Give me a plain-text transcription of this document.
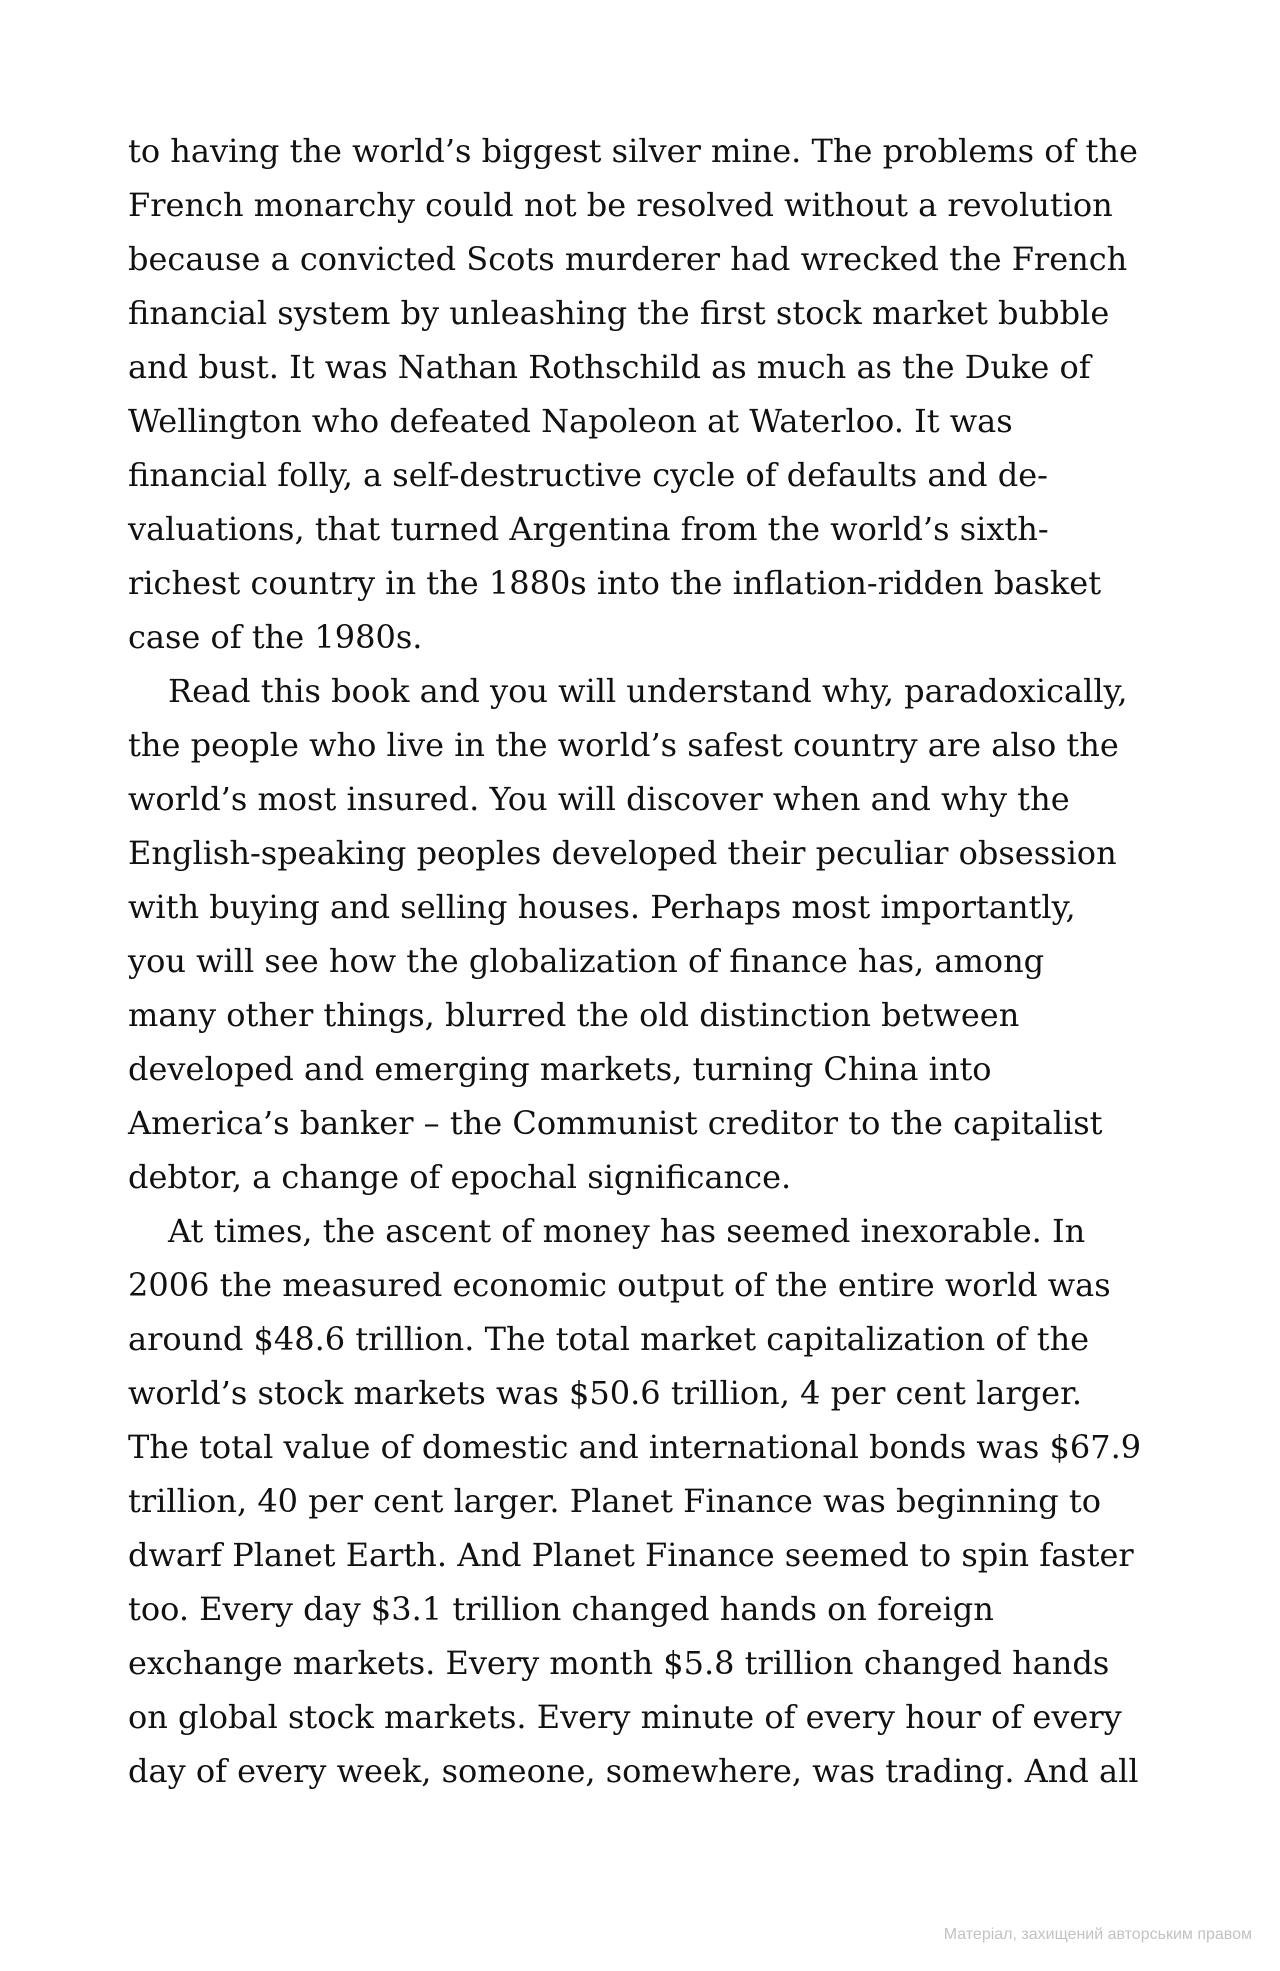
to having the world’s biggest silver mine. The problems of the
French monarchy could not be resolved without a revolution
because a convicted Scots murderer had wrecked the French
financial system by unleashing the first stock market bubble
and bust. It was Nathan Rothschild as much as the Duke of
Wellington who defeated Napoleon at Waterloo. It was
financial folly, a self-destructive cycle of defaults and de-
valuations, that turned Argentina from the world’s sixth-
richest country in the 1880s into the inflation-ridden basket
case of the 1980s.
Read this book and you will understand why, paradoxically,
the people who live in the world’s safest country are also the
world’s most insured. You will discover when and why the
English-speaking peoples developed their peculiar obsession
with buying and selling houses. Perhaps most importantly,
you will see how the globalization of finance has, among
many other things, blurred the old distinction between
developed and emerging markets, turning China into
America’s banker – the Communist creditor to the capitalist
debtor, a change of epochal significance.
At times, the ascent of money has seemed inexorable. In
2006 the measured economic output of the entire world was
around $48.6 trillion. The total market capitalization of the
world’s stock markets was $50.6 trillion, 4 per cent larger.
The total value of domestic and international bonds was $67.9
trillion, 40 per cent larger. Planet Finance was beginning to
dwarf Planet Earth. And Planet Finance seemed to spin faster
too. Every day $3.1 trillion changed hands on foreign
exchange markets. Every month $5.8 trillion changed hands
on global stock markets. Every minute of every hour of every
day of every week, someone, somewhere, was trading. And all
Матеріал, захищений авторським правом
